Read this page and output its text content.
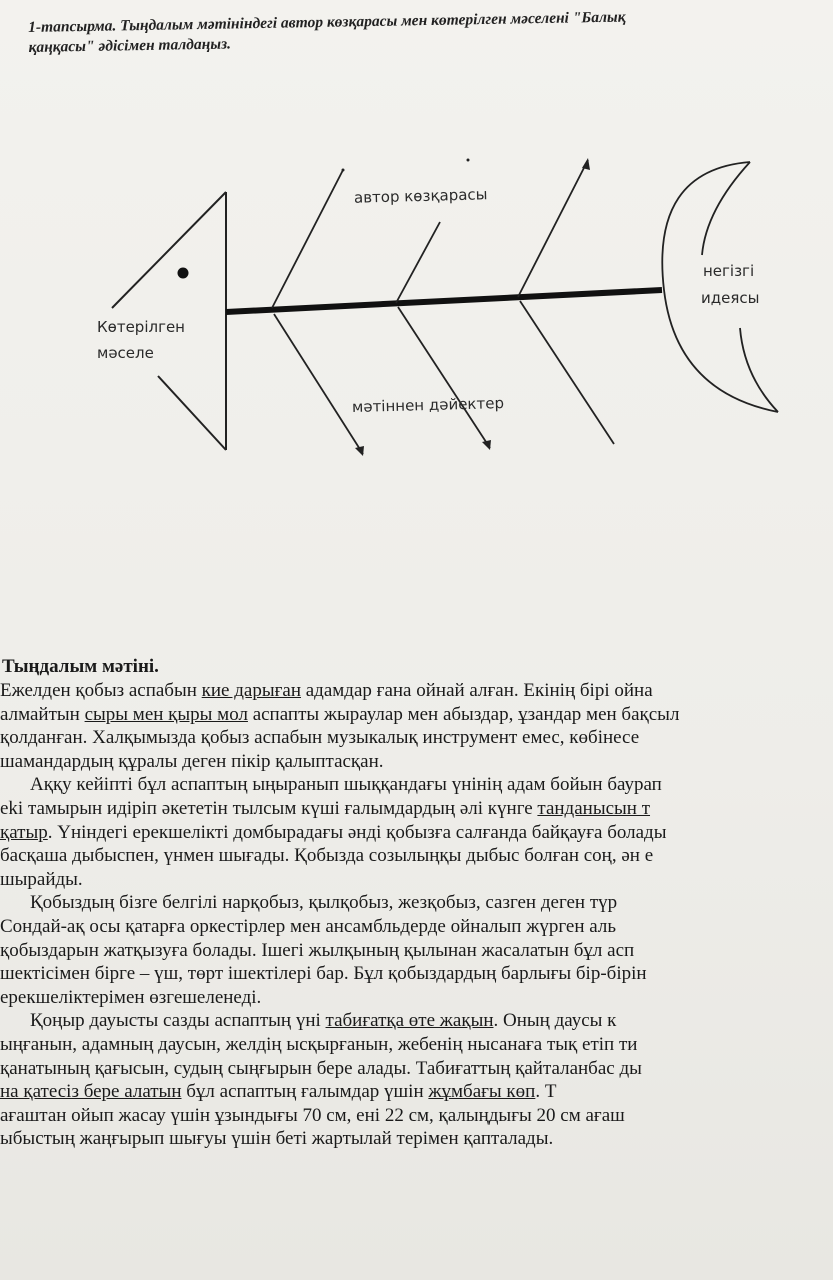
1-тапсырма. Тыңдалым мәтініндегі автор көзқарасы мен көтерілген мәселені "Балық
қаңқасы" әдісімен талдаңыз.
автор көзқарасы
негізгі
идеясы
Көтерілген
мәселе
мәтіннен дәйектер

Тыңдалым мәтіні.

Ежелден қобыз аспабын кие дарыған адамдар ғана ойнай алған. Екінің бірі ойна
алмайтын сыры мен қыры мол аспапты жыраулар мен абыздар, ұзандар мен бақсыл
қолданған. Халқымызда қобыз аспабын музыкалық инструмент емес, көбінесе
шамандардың құралы деген пікір қалыптасқан.
Аққу кейіпті бұл аспаптың ыңыранып шыққандағы үнінің адам бойын баурап
ekі тамырын идіріп әкететін тылсым күші ғалымдардың әлі күнге танданысын т
қатыр. Үніндегі ерекшелікті домбырадағы әнді қобызға салғанда байқауға болады
басқаша дыбыспен, үнмен шығады. Қобызда созылыңқы дыбыс болған соң, ән е
шырайды.
Қобыздың бізге белгілі нарқобыз, қылқобыз, жезқобыз, сазген деген түр
Сондай-ақ осы қатарға оркестірлер мен ансамбльдерде ойналып жүрген аль
қобыздарын жатқызуға болады. Ішегі жылқының қылынан жасалатын бұл асп
шектісімен бірге – үш, төрт ішектілері бар. Бұл қобыздардың барлығы бір-бірін
ерекшеліктерімен өзгешеленеді.
Қоңыр дауысты сазды аспаптың үні табиғатқа өте жақын. Оның даусы к
ыңғанын, адамның даусын, желдің ысқырғанын, жебенің нысанаға тық етіп ти
қанатының қағысын, судың сыңғырын бере алады. Табиғаттың қайталанбас ды
на қатесіз бере алатын бұл аспаптың ғалымдар үшін жұмбағы көп. Т
ағаштан ойып жасау үшін ұзындығы 70 см, ені 22 см, қалыңдығы 20 см ағаш
ыбыстың жаңғырып шығуы үшін беті жартылай терімен қапталады.
